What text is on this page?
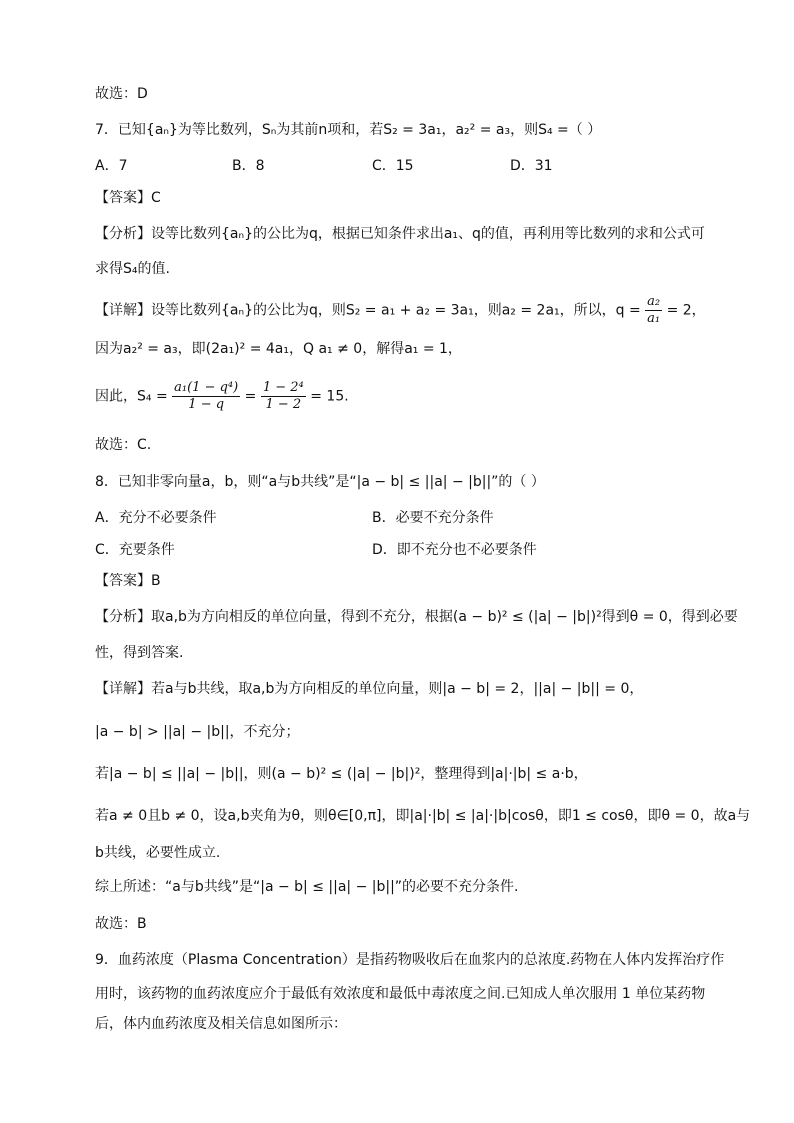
故选：D
7．已知{aₙ}为等比数列，Sₙ为其前n项和，若S₂ = 3a₁，a₂² = a₃，则S₄ =（ ）
A．7	B．8	C．15	D．31
【答案】C
【分析】设等比数列{aₙ}的公比为q，根据已知条件求出a₁、q的值，再利用等比数列的求和公式可
求得S₄的值.
【详解】设等比数列{aₙ}的公比为q，则S₂ = a₁ + a₂ = 3a₁，则a₂ = 2a₁，所以，$q = \frac{\text{a₂}}{\text{a₁}} = 2$，
因为a₂² = a₃，即(2a₁)² = 4a₁，Q a₁ ≠ 0，解得a₁ = 1，
因此，$S_4 = \frac{\text{a₁(1 − q⁴)}}{1 - q} = \frac{\text{1 − 2⁴}}{1 - 2} = 15$.
故选：C.
8．已知非零向量a，b，则“a与b共线”是“|a − b| ≤ ||a| − |b||”的（ ）
A．充分不必要条件	B．必要不充分条件
C．充要条件	D．即不充分也不必要条件
【答案】B
【分析】取a,b为方向相反的单位向量，得到不充分，根据(a − b)² ≤ (|a| − |b|)²得到θ = 0，得到必要
性，得到答案.
【详解】若a与b共线，取a,b为方向相反的单位向量，则|a − b| = 2，||a| − |b|| = 0，
|a − b| > ||a| − |b||，不充分；
若|a − b| ≤ ||a| − |b||，则(a − b)² ≤ (|a| − |b|)²，整理得到|a|·|b| ≤ a·b，
若a ≠ 0且b ≠ 0，设a,b夹角为θ，则θ∈[0,π]，即|a|·|b| ≤ |a|·|b|cosθ，即1 ≤ cosθ，即θ = 0，故a与
b共线，必要性成立.
综上所述：“a与b共线”是“|a − b| ≤ ||a| − |b||”的必要不充分条件.
故选：B
9．血药浓度（Plasma Concentration）是指药物吸收后在血浆内的总浓度.药物在人体内发挥治疗作
用时，该药物的血药浓度应介于最低有效浓度和最低中毒浓度之间.已知成人单次服用 1 单位某药物
后，体内血药浓度及相关信息如图所示：
